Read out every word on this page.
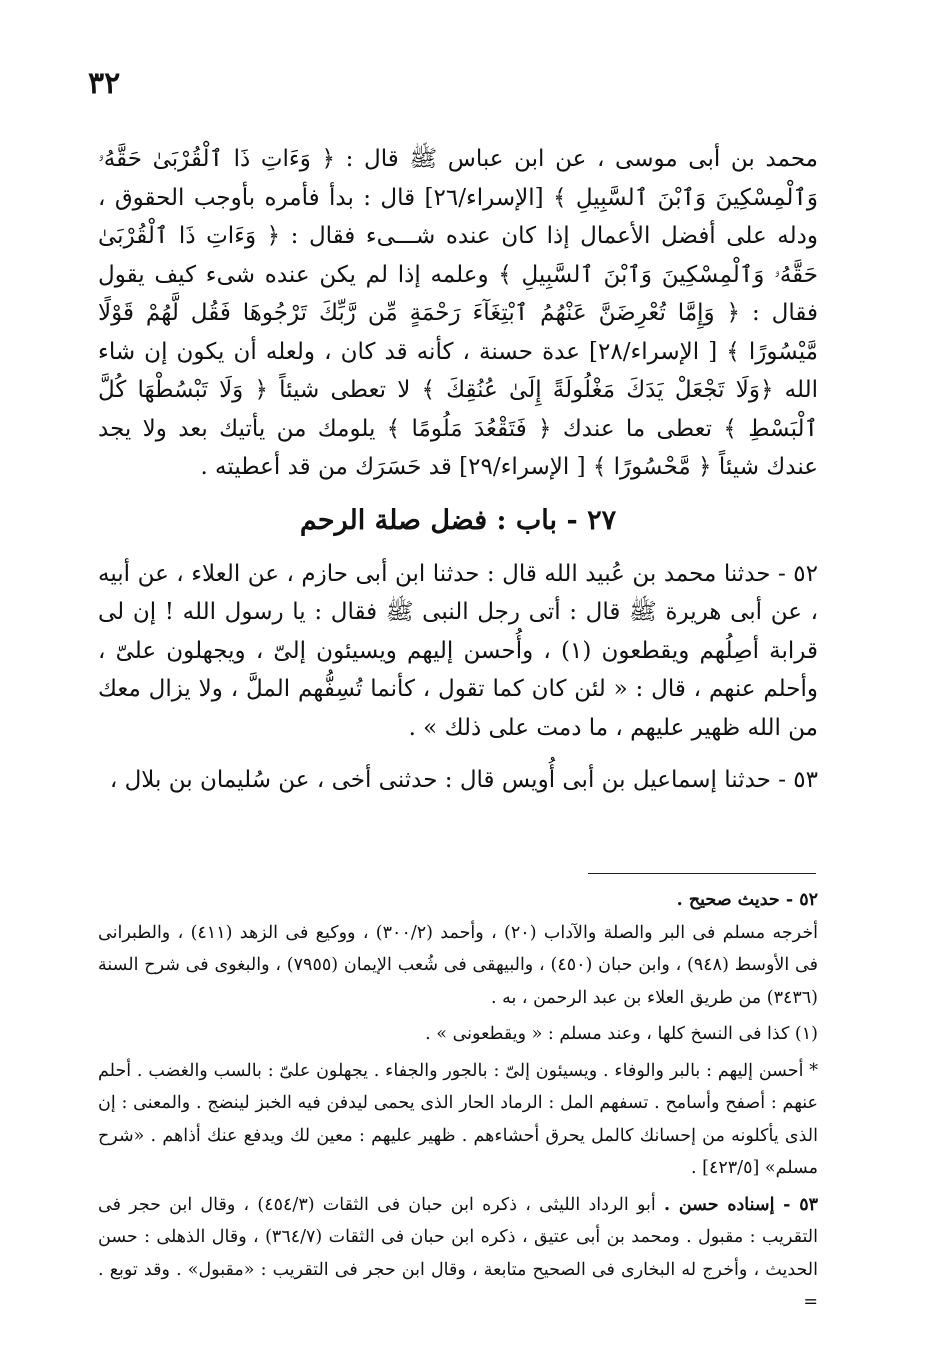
٣٢

محمد بن أبى موسى ، عن ابن عباس ﷺ قال : ﴿ وَءَاتِ ذَا ٱلْقُرْبَىٰ حَقَّهُۥ وَٱلْمِسْكِينَ وَٱبْنَ ٱلسَّبِيلِ ﴾ [الإسراء/٢٦] قال : بدأ فأمره بأوجب الحقوق ، ودله على أفضل الأعمال إذا كان عنده شـــىء فقال : ﴿ وَءَاتِ ذَا ٱلْقُرْبَىٰ حَقَّهُۥ وَٱلْمِسْكِينَ وَٱبْنَ ٱلسَّبِيلِ ﴾ وعلمه إذا لم يكن عنده شىء كيف يقول فقال : ﴿ وَإِمَّا تُعْرِضَنَّ عَنْهُمُ ٱبْتِغَآءَ رَحْمَةٍ مِّن رَّبِّكَ تَرْجُوهَا فَقُل لَّهُمْ قَوْلًا مَّيْسُورًا ﴾ [ الإسراء/٢٨] عدة حسنة ، كأنه قد كان ، ولعله أن يكون إن شاء الله ﴿وَلَا تَجْعَلْ يَدَكَ مَغْلُولَةً إِلَىٰ عُنُقِكَ ﴾ لا تعطى شيئاً ﴿ وَلَا تَبْسُطْهَا كُلَّ ٱلْبَسْطِ ﴾ تعطى ما عندك ﴿ فَتَقْعُدَ مَلُومًا ﴾ يلومك من يأتيك بعد ولا يجد عندك شيئاً ﴿ مَّحْسُورًا ﴾ [ الإسراء/٢٩] قد حَسَرَك من قد أعطيته .

٢٧ - باب : فضل صلة الرحم

٥٢ - حدثنا محمد بن عُبيد الله قال : حدثنا ابن أبى حازم ، عن العلاء ، عن أبيه ، عن أبى هريرة ﷺ قال : أتى رجل النبى ﷺ فقال : يا رسول الله ! إن لى قرابة أصِلُهم ويقطعون (١) ، وأُحسن إليهم ويسيئون إلىّ ، ويجهلون علىّ ، وأحلم عنهم ، قال : « لئن كان كما تقول ، كأنما تُسِفُّهم الملَّ ، ولا يزال معك من الله ظهير عليهم ، ما دمت على ذلك » .

٥٣ - حدثنا إسماعيل بن أبى أُويس قال : حدثنى أخى ، عن سُليمان بن بلال ،

٥٢ - حديث صحيح .

أخرجه مسلم فى البر والصلة والآداب (٢٠) ، وأحمد (٣٠٠/٢) ، ووكيع فى الزهد (٤١١) ، والطبرانى فى الأوسط (٩٤٨) ، وابن حبان (٤٥٠) ، والبيهقى فى شُعب الإيمان (٧٩٥٥) ، والبغوى فى شرح السنة (٣٤٣٦) من طريق العلاء بن عبد الرحمن ، به .

(١) كذا فى النسخ كلها ، وعند مسلم : « ويقطعونى » .

* أحسن إليهم : بالبر والوفاء . ويسيئون إلىّ : بالجور والجفاء . يجهلون علىّ : بالسب والغضب . أحلم عنهم : أصفح وأسامح . تسفهم المل : الرماد الحار الذى يحمى ليدفن فيه الخبز لينضج . والمعنى : إن الذى يأكلونه من إحسانك كالمل يحرق أحشاءهم . ظهير عليهم : معين لك ويدفع عنك أذاهم . «شرح مسلم» [٤٢٣/٥] .

٥٣ - إسناده حسن . أبو الرداد الليثى ، ذكره ابن حبان فى الثقات (٤٥٤/٣) ، وقال ابن حجر فى التقريب : مقبول . ومحمد بن أبى عتيق ، ذكره ابن حبان فى الثقات (٣٦٤/٧) ، وقال الذهلى : حسن الحديث ، وأخرج له البخارى فى الصحيح متابعة ، وقال ابن حجر فى التقريب : «مقبول» . وقد توبع . =
